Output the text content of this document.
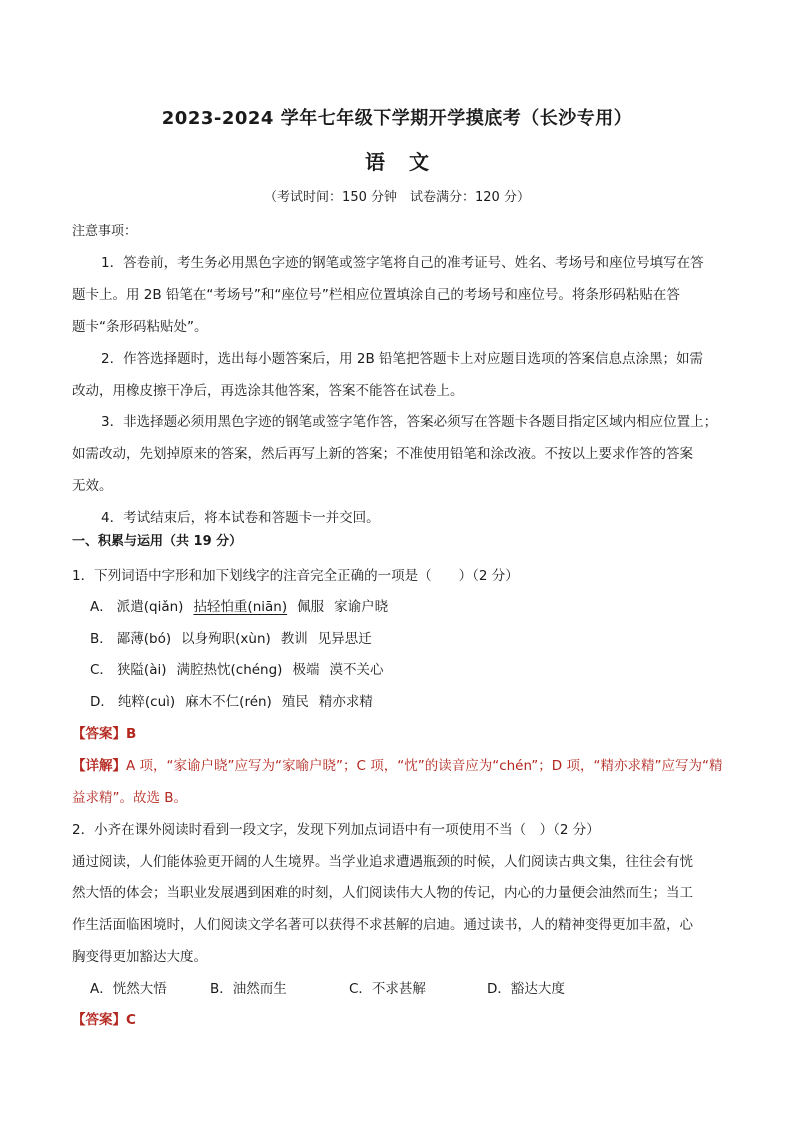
2023-2024 学年七年级下学期开学摸底考（长沙专用）
语 文
（考试时间：150 分钟　试卷满分：120 分）
注意事项：
1．答卷前，考生务必用黑色字迹的钢笔或签字笔将自己的准考证号、姓名、考场号和座位号填写在答
题卡上。用 2B 铅笔在“考场号”和“座位号”栏相应位置填涂自己的考场号和座位号。将条形码粘贴在答
题卡“条形码粘贴处”。
2．作答选择题时，选出每小题答案后，用 2B 铅笔把答题卡上对应题目选项的答案信息点涂黑；如需
改动，用橡皮擦干净后，再选涂其他答案，答案不能答在试卷上。
3．非选择题必须用黑色字迹的钢笔或签字笔作答，答案必须写在答题卡各题目指定区域内相应位置上；
如需改动，先划掉原来的答案，然后再写上新的答案；不准使用铅笔和涂改液。不按以上要求作答的答案
无效。
4．考试结束后，将本试卷和答题卡一并交回。
一、积累与运用（共 19 分）
1．下列词语中字形和加下划线字的注音完全正确的一项是（　　）（2 分）
A． 派遣(qiǎn) 拈轻怕重(niān) 佩服 家谕户晓
B． 鄙薄(bó) 以身殉职(xùn) 教训 见异思迁
C． 狭隘(ài) 满腔热忱(chéng) 极端 漠不关心
D． 纯粹(cuì) 麻木不仁(rén) 殖民 精亦求精
【答案】B
【详解】A 项，“家谕户晓”应写为“家喻户晓”；C 项，“忱”的读音应为“chén”；D 项，“精亦求精”应写为“精
益求精”。故选 B。
2．小齐在课外阅读时看到一段文字，发现下列加点词语中有一项使用不当（　）（2 分）
通过阅读，人们能体验更开阔的人生境界。当学业追求遭遇瓶颈的时候，人们阅读古典文集，往往会有恍
然大悟的体会；当职业发展遇到困难的时刻，人们阅读伟大人物的传记，内心的力量便会油然而生；当工
作生活面临困境时，人们阅读文学名著可以获得不求甚解的启迪。通过读书，人的精神变得更加丰盈，心
胸变得更加豁达大度。
A．恍然大悟	B．油然而生	C．不求甚解	D．豁达大度
【答案】C
